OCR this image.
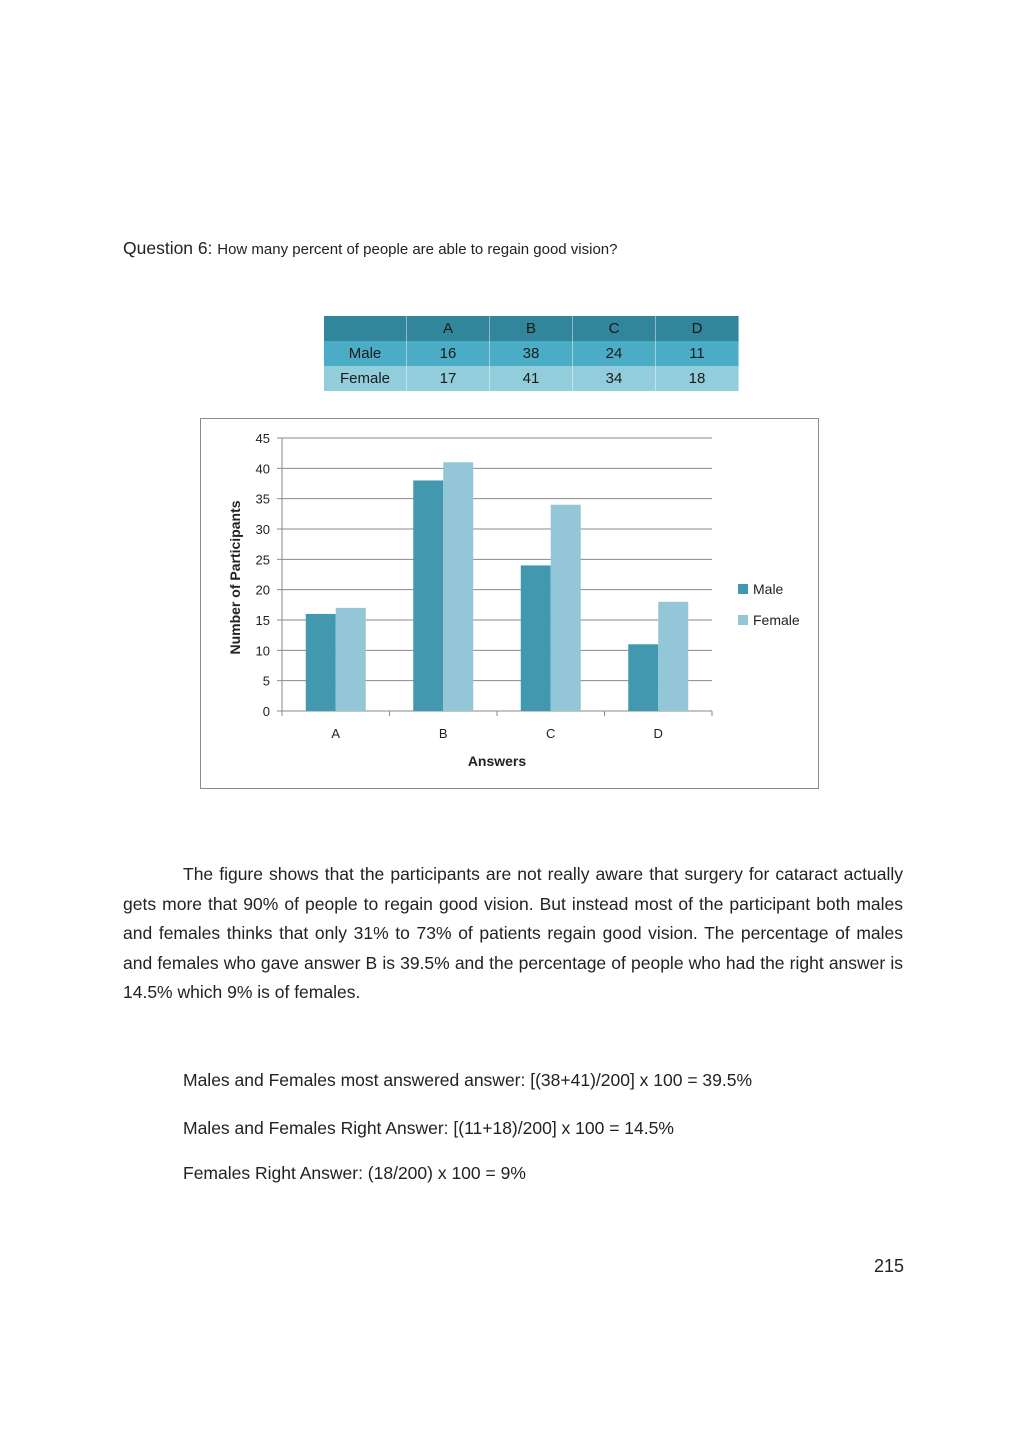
Question 6: How many percent of people are able to regain good vision?
	A	B	C	D
Male	16	38	24	11
Female	17	41	34	18
0
5
10
15
20
25
30
35
40
45
A	B	C	D
Answers
Number of Participants	Male
Female
The figure shows that the participants are not really aware that surgery for cataract actually gets more that 90% of people to regain good vision. But instead most of the participant both males and females thinks that only 31% to 73% of patients regain good vision. The percentage of males and females who gave answer B is 39.5% and the percentage of people who had the right answer is 14.5% which 9% is of females.
Males and Females most answered answer: [(38+41)/200] x 100 = 39.5%
Males and Females Right Answer: [(11+18)/200] x 100 = 14.5%
Females Right Answer: (18/200) x 100 = 9%
215
